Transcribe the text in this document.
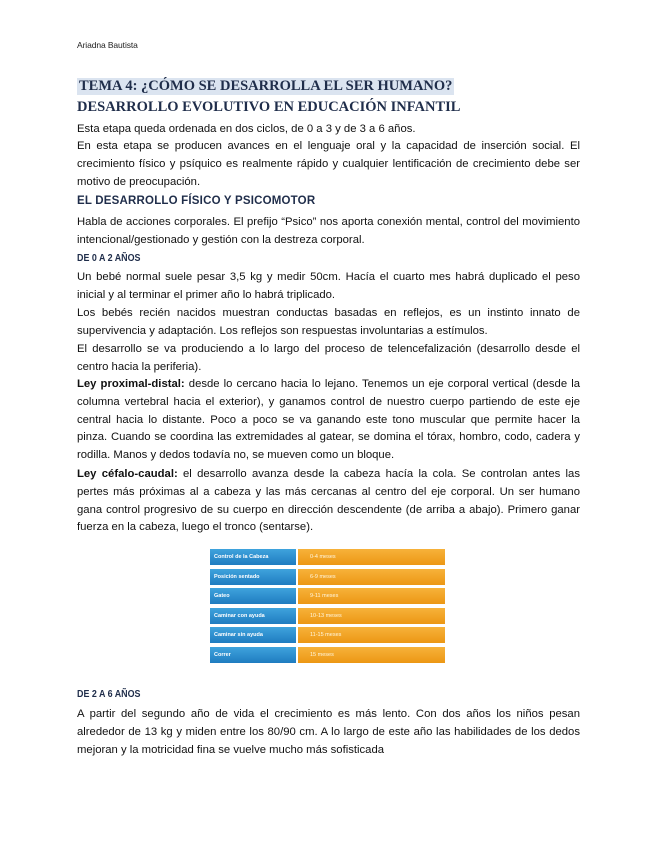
Ariadna Bautista
TEMA 4: ¿CÓMO SE DESARROLLA EL SER HUMANO?
DESARROLLO EVOLUTIVO EN EDUCACIÓN INFANTIL

Esta etapa queda ordenada en dos ciclos, de 0 a 3 y de 3 a 6 años.

En esta etapa se producen avances en el lenguaje oral y la capacidad de inserción social. El crecimiento físico y psíquico es realmente rápido y cualquier lentificación de crecimiento debe ser motivo de preocupación.

EL DESARROLLO FÍSICO Y PSICOMOTOR

Habla de acciones corporales. El prefijo “Psico” nos aporta conexión mental, control del movimiento intencional/gestionado y gestión con la destreza corporal.

DE 0 A 2 AÑOS

Un bebé normal suele pesar 3,5 kg y medir 50cm. Hacía el cuarto mes habrá duplicado el peso inicial y al terminar el primer año lo habrá triplicado.

Los bebés recién nacidos muestran conductas basadas en reflejos, es un instinto innato de supervivencia y adaptación. Los reflejos son respuestas involuntarias a estímulos.

El desarrollo se va produciendo a lo largo del proceso de telencefalización (desarrollo desde el centro hacia la periferia).

Ley proximal-distal: desde lo cercano hacia lo lejano. Tenemos un eje corporal vertical (desde la columna vertebral hacia el exterior), y ganamos control de nuestro cuerpo partiendo de este eje central hacia lo distante. Poco a poco se va ganando este tono muscular que permite hacer la pinza. Cuando se coordina las extremidades al gatear, se domina el tórax, hombro, codo, cadera y rodilla. Manos y dedos todavía no, se mueven como un bloque.

Ley céfalo-caudal: el desarrollo avanza desde la cabeza hacía la cola. Se controlan antes las pertes más próximas al a cabeza y las más cercanas al centro del eje corporal. Un ser humano gana control progresivo de su cuerpo en dirección descendente (de arriba a abajo). Primero ganar fuerza en la cabeza, luego el tronco (sentarse).

Control de la Cabeza	0-4 meses
Posición sentado	6-9 meses
Gateo	9-11 meses
Caminar con ayuda	10-13 meses
Caminar sin ayuda	11-15 meses
Correr	15 meses
DE 2 A 6 AÑOS

A partir del segundo año de vida el crecimiento es más lento. Con dos años los niños pesan alrededor de 13 kg y miden entre los 80/90 cm. A lo largo de este año las habilidades de los dedos mejoran y la motricidad fina se vuelve mucho más sofisticada
